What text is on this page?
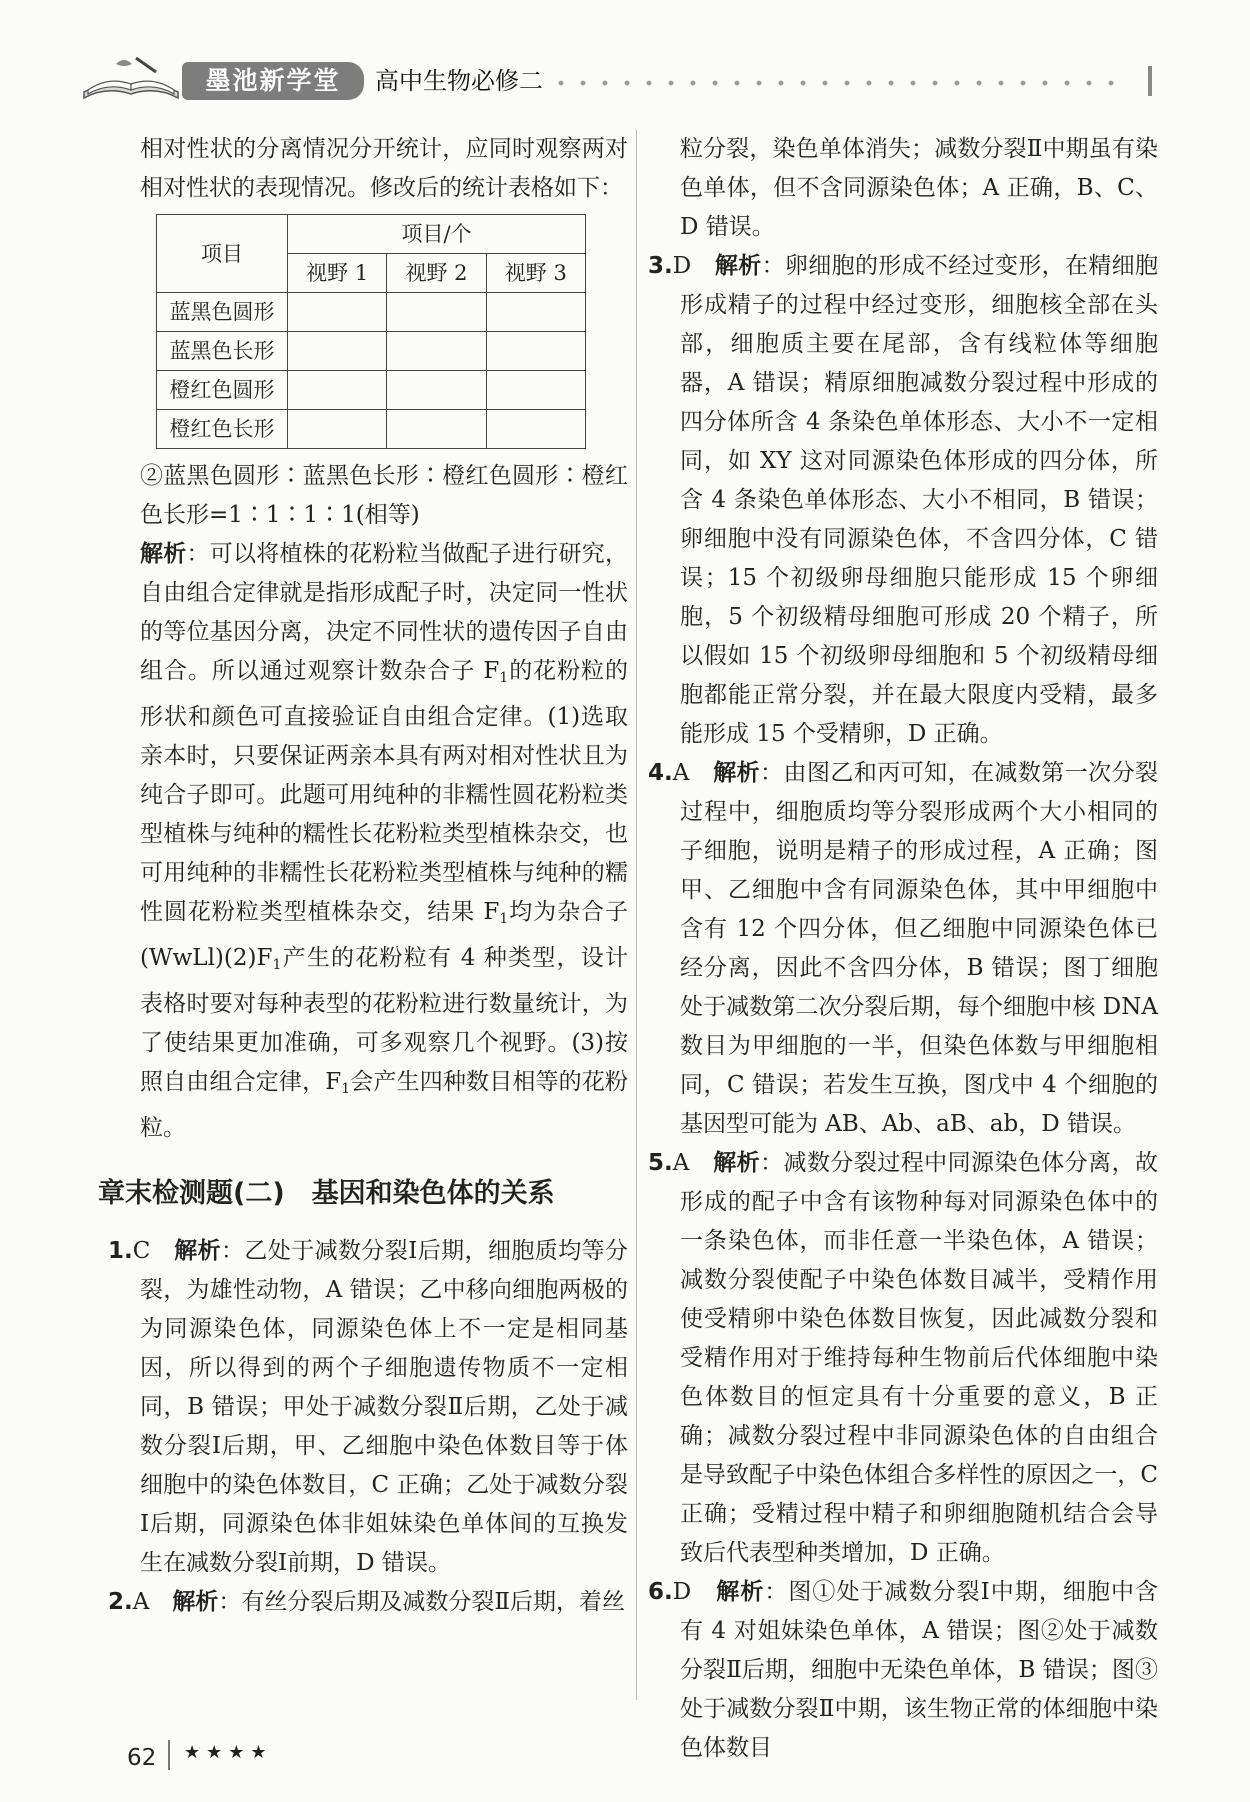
墨池新学堂	高中生物必修二

相对性状的分离情况分开统计，应同时观察两对相对性状的表现情况。修改后的统计表格如下：

项目	项目/个		
	视野 1	视野 2	视野 3
蓝黑色圆形			
蓝黑色长形			
橙红色圆形			
橙红色长形			

②蓝黑色圆形∶蓝黑色长形∶橙红色圆形∶橙红色长形=1∶1∶1∶1(相等)

解析：可以将植株的花粉粒当做配子进行研究，自由组合定律就是指形成配子时，决定同一性状的等位基因分离，决定不同性状的遗传因子自由组合。所以通过观察计数杂合子 $F_1$的花粉粒的形状和颜色可直接验证自由组合定律。(1)选取亲本时，只要保证两亲本具有两对相对性状且为纯合子即可。此题可用纯种的非糯性圆花粉粒类型植株与纯种的糯性长花粉粒类型植株杂交，也可用纯种的非糯性长花粉粒类型植株与纯种的糯性圆花粉粒类型植株杂交，结果 $F_1$均为杂合子$(WwLl)(2)F_1$产生的花粉粒有 4 种类型，设计表格时要对每种表型的花粉粒进行数量统计，为了使结果更加准确，可多观察几个视野。(3)按照自由组合定律，$F_1$会产生四种数目相等的花粉粒。

章末检测题(二)　基因和染色体的关系

1.C　 解析：乙处于减数分裂Ⅰ后期，细胞质均等分裂，为雄性动物，A 错误；乙中移向细胞两极的为同源染色体，同源染色体上不一定是相同基因，所以得到的两个子细胞遗传物质不一定相同，B 错误；甲处于减数分裂Ⅱ后期，乙处于减数分裂Ⅰ后期，甲、乙细胞中染色体数目等于体细胞中的染色体数目，C 正确；乙处于减数分裂Ⅰ后期，同源染色体非姐妹染色单体间的互换发生在减数分裂Ⅰ前期，D 错误。

2.A　 解析：有丝分裂后期及减数分裂Ⅱ后期，着丝

粒分裂，染色单体消失；减数分裂Ⅱ中期虽有染色单体，但不含同源染色体；A 正确，B、C、D 错误。

3.D　 解析：卵细胞的形成不经过变形，在精细胞形成精子的过程中经过变形，细胞核全部在头部，细胞质主要在尾部，含有线粒体等细胞器，A 错误；精原细胞减数分裂过程中形成的四分体所含 4 条染色单体形态、大小不一定相同，如 XY 这对同源染色体形成的四分体，所含 4 条染色单体形态、大小不相同，B 错误；卵细胞中没有同源染色体，不含四分体，C 错误；15 个初级卵母细胞只能形成 15 个卵细胞，5 个初级精母细胞可形成 20 个精子，所以假如 15 个初级卵母细胞和 5 个初级精母细胞都能正常分裂，并在最大限度内受精，最多能形成 15 个受精卵，D 正确。

4.A　 解析：由图乙和丙可知，在减数第一次分裂过程中，细胞质均等分裂形成两个大小相同的子细胞，说明是精子的形成过程，A 正确；图甲、乙细胞中含有同源染色体，其中甲细胞中含有 12 个四分体，但乙细胞中同源染色体已经分离，因此不含四分体，B 错误；图丁细胞处于减数第二次分裂后期，每个细胞中核 DNA 数目为甲细胞的一半，但染色体数与甲细胞相同，C 错误；若发生互换，图戊中 4 个细胞的基因型可能为 AB、Ab、aB、ab，D 错误。

5.A　 解析：减数分裂过程中同源染色体分离，故形成的配子中含有该物种每对同源染色体中的一条染色体，而非任意一半染色体，A 错误；减数分裂使配子中染色体数目减半，受精作用使受精卵中染色体数目恢复，因此减数分裂和受精作用对于维持每种生物前后代体细胞中染色体数目的恒定具有十分重要的意义，B 正确；减数分裂过程中非同源染色体的自由组合是导致配子中染色体组合多样性的原因之一，C 正确；受精过程中精子和卵细胞随机结合会导致后代表型种类增加，D 正确。

6.D　 解析：图①处于减数分裂Ⅰ中期，细胞中含有 4 对姐妹染色单体，A 错误；图②处于减数分裂Ⅱ后期，细胞中无染色单体，B 错误；图③处于减数分裂Ⅱ中期，该生物正常的体细胞中染色体数目

62 ★★★★
